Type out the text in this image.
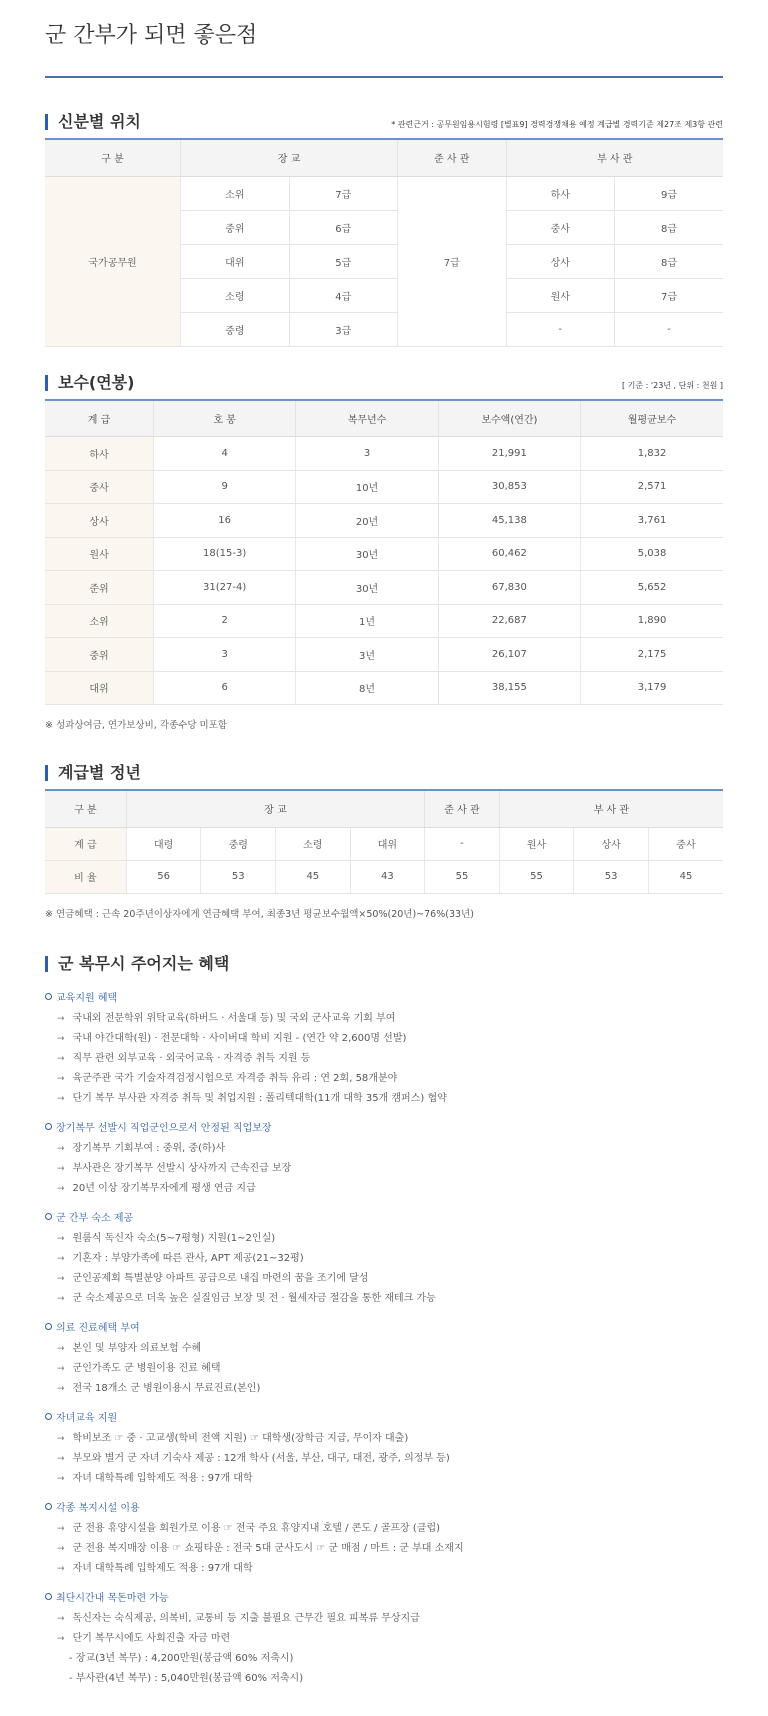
군 간부가 되면 좋은점
신분별 위치	* 관련근거 : 공무원임용시험령 [별표9] 경력경쟁채용 예정 계급별 경력기준 제27조 제3항 관련
구 분	장 교		준 사 관	부 사 관	
국가공무원	소위	7급	7급	하사	9급
	중위	6급		중사	8급
	대위	5급		상사	8급
	소령	4급		원사	7급
	중령	3급		-	-
보수(연봉)	[ 기준 : '23년 , 단위 : 천원 ]
계 급	호 봉	복무년수	보수액(연간)	월평균보수
하사	4	3	21,991	1,832
중사	9	10년	30,853	2,571
상사	16	20년	45,138	3,761
원사	18(15-3)	30년	60,462	5,038
준위	31(27-4)	30년	67,830	5,652
소위	2	1년	22,687	1,890
중위	3	3년	26,107	2,175
대위	6	8년	38,155	3,179

※ 성과상여금, 연가보상비, 각종수당 미포함

계급별 정년
구 분	장 교				준 사 관	부 사 관		
계 급	대령	중령	소령	대위	-	원사	상사	중사
비 율	56	53	45	43	55	55	53	45

※ 연금혜택 : 근속 20주년이상자에게 연금혜택 부여, 최종3년 평균보수월액×50%(20년)~76%(33년)

군 복무시 주어지는 혜택
교육지원 혜택
→ 국내외 전문학위 위탁교육(하버드 · 서울대 등) 및 국외 군사교육 기회 부여
→ 국내 야간대학(원) · 전문대학 · 사이버대 학비 지원 - (연간 약 2,600명 선발)
→ 직무 관련 외부교육 · 외국어교육 · 자격증 취득 지원 등
→ 육군주관 국가 기술자격검정시험으로 자격증 취득 유리 : 연 2회, 58개분야
→ 단기 복무 부사관 자격증 취득 및 취업지원 : 폴리텍대학(11개 대학 35개 캠퍼스) 협약
장기복무 선발시 직업군인으로서 안정된 직업보장
→ 장기복무 기회부여 : 중위, 중(하)사
→ 부사관은 장기복무 선발시 상사까지 근속진급 보장
→ 20년 이상 장기복무자에게 평생 연금 지급
군 간부 숙소 제공
→ 원룸식 독신자 숙소(5~7평형) 지원(1~2인실)
→ 기혼자 : 부양가족에 따른 관사, APT 제공(21~32평)
→ 군인공제회 특별분양 아파트 공급으로 내집 마련의 꿈을 조기에 달성
→ 군 숙소제공으로 더욱 높은 실질임금 보장 및 전 · 월세자금 절감을 통한 재테크 가능
의료 진료혜택 부여
→ 본인 및 부양자 의료보험 수혜
→ 군인가족도 군 병원이용 진료 혜택
→ 전국 18개소 군 병원이용시 무료진료(본인)
자녀교육 지원
→ 학비보조 ☞ 중 · 고교생(학비 전액 지원) ☞ 대학생(장학금 지급, 무이자 대출)
→ 부모와 별거 군 자녀 기숙사 제공 : 12개 학사 (서울, 부산, 대구, 대전, 광주, 의정부 등)
→ 자녀 대학특례 입학제도 적용 : 97개 대학
각종 복지시설 이용
→ 군 전용 휴양시설을 회원가로 이용 ☞ 전국 주요 휴양지내 호텔 / 콘도 / 골프장 (클럽)
→ 군 전용 복지매장 이용 ☞ 쇼핑타운 : 전국 5대 군사도시 ☞ 군 매점 / 마트 : 군 부대 소재지
→ 자녀 대학특례 입학제도 적용 : 97개 대학
최단시간내 목돈마련 가능
→ 독신자는 숙식제공, 의복비, 교통비 등 지출 불필요 근무간 필요 피복류 무상지급
→ 단기 복무시에도 사회진출 자금 마련
- 장교(3년 복무) : 4,200만원(봉급액 60% 저축시)
- 부사관(4년 복무) : 5,040만원(봉급액 60% 저축시)
